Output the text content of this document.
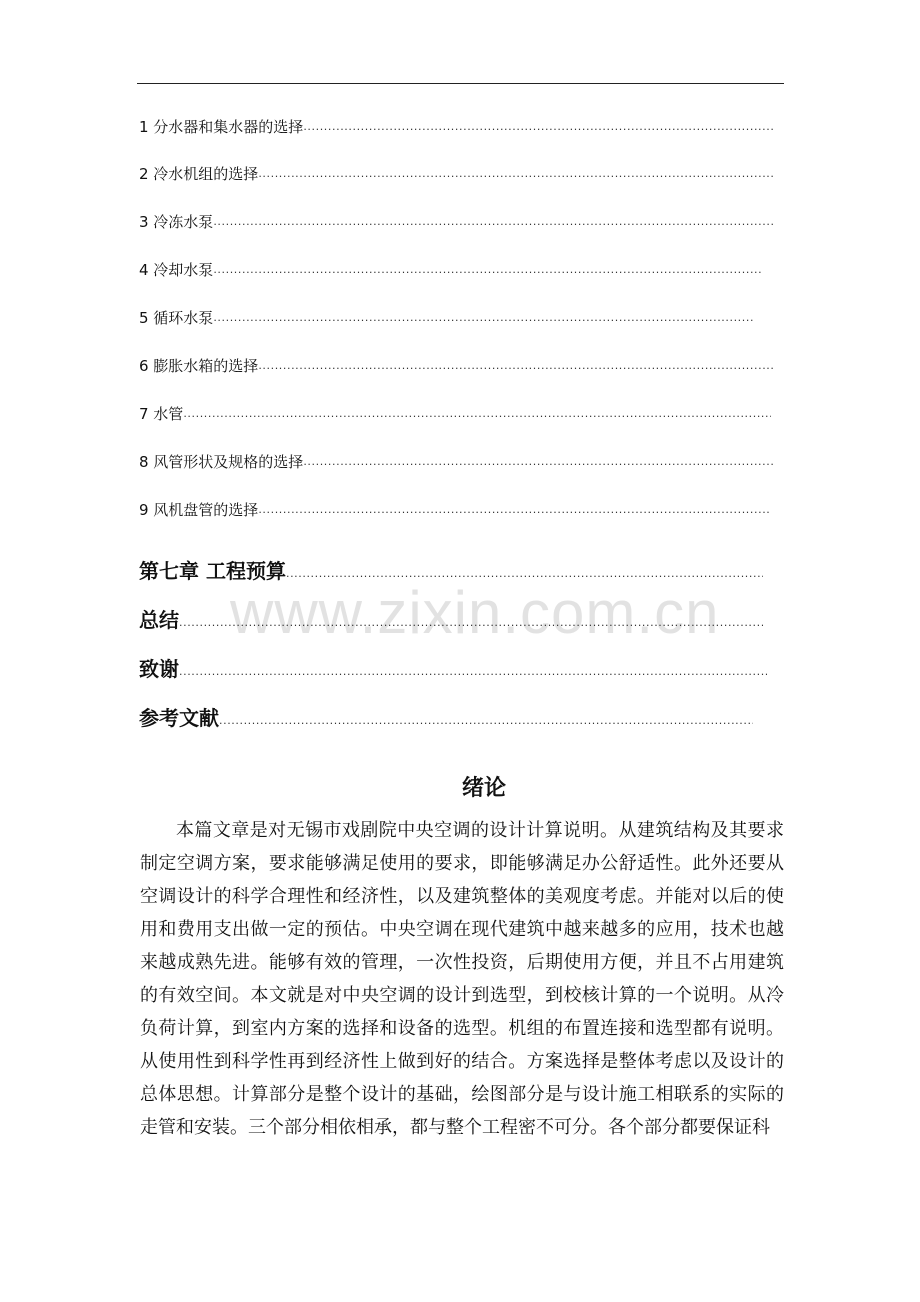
www.zixin.com.cn
1 分水器和集水器的选择
.....
2 冷水机组的选择
.....
3 冷冻水泵
.....
4 冷却水泵
.....
5 循环水泵
.....
6 膨胀水箱的选择
.....
7 水管
.....
8 风管形状及规格的选择
.....
9 风机盘管的选择
.....
第七章 工程预算
.....
总结
.....
致谢
.....
参考文献
.....
绪论

本篇文章是对无锡市戏剧院中央空调的设计计算说明。从建筑结构及其要求制定空调方案，要求能够满足使用的要求，即能够满足办公舒适性。此外还要从空调设计的科学合理性和经济性，以及建筑整体的美观度考虑。并能对以后的使用和费用支出做一定的预估。中央空调在现代建筑中越来越多的应用，技术也越来越成熟先进。能够有效的管理，一次性投资，后期使用方便，并且不占用建筑的有效空间。本文就是对中央空调的设计到选型，到校核计算的一个说明。从冷负荷计算，到室内方案的选择和设备的选型。机组的布置连接和选型都有说明。从使用性到科学性再到经济性上做到好的结合。方案选择是整体考虑以及设计的总体思想。计算部分是整个设计的基础，绘图部分是与设计施工相联系的实际的走管和安装。三个部分相依相承，都与整个工程密不可分。各个部分都要保证科
